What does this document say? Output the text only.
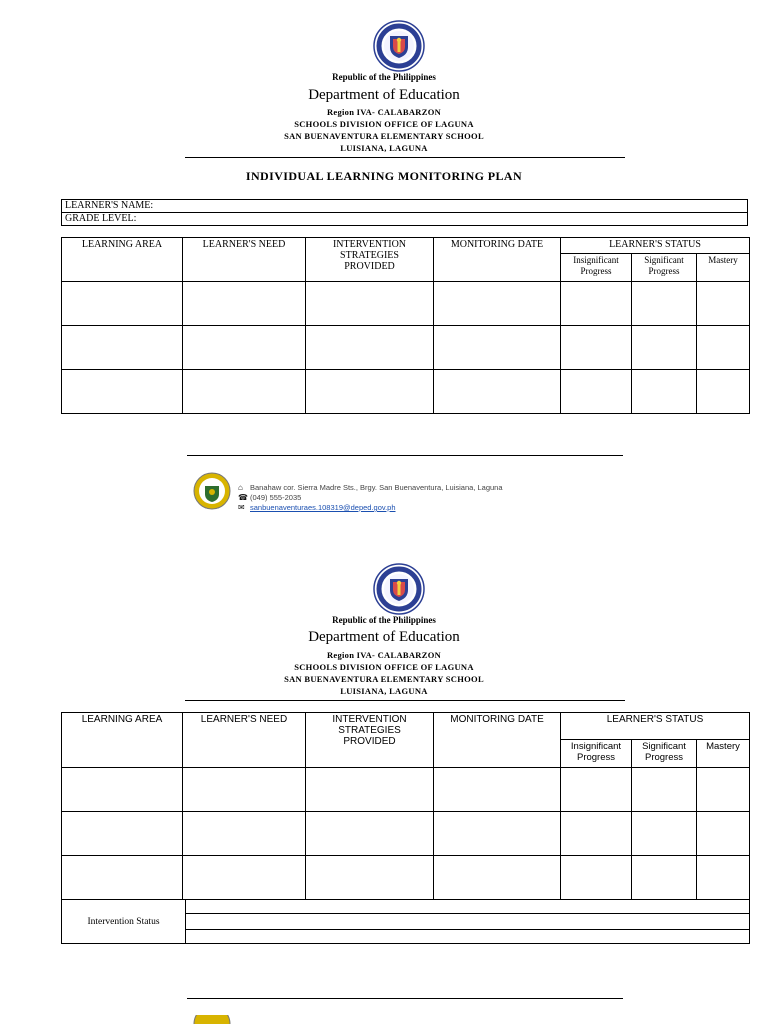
Republic of the Philippines
Department of Education
Region IVA- CALABARZON
SCHOOLS DIVISION OFFICE OF LAGUNA
SAN BUENAVENTURA ELEMENTARY SCHOOL
LUISIANA, LAGUNA
INDIVIDUAL LEARNING MONITORING PLAN
LEARNER'S NAME:
GRADE LEVEL:
LEARNING AREA	LEARNER'S NEED	INTERVENTION STRATEGIES PROVIDED	MONITORING DATE	LEARNER'S STATUS		
				Insignificant Progress	Significant Progress	Mastery

⌂ Banahaw cor. Sierra Madre Sts., Brgy. San Buenaventura, Luisiana, Laguna
☎ (049) 555-2035
✉ sanbuenaventuraes.108319@deped.gov.ph
Republic of the Philippines
Department of Education
Region IVA- CALABARZON
SCHOOLS DIVISION OFFICE OF LAGUNA
SAN BUENAVENTURA ELEMENTARY SCHOOL
LUISIANA, LAGUNA
LEARNING AREA	LEARNER'S NEED	INTERVENTION STRATEGIES PROVIDED	MONITORING DATE	LEARNER'S STATUS		
				Insignificant Progress	Significant Progress	Mastery

Intervention Status	
